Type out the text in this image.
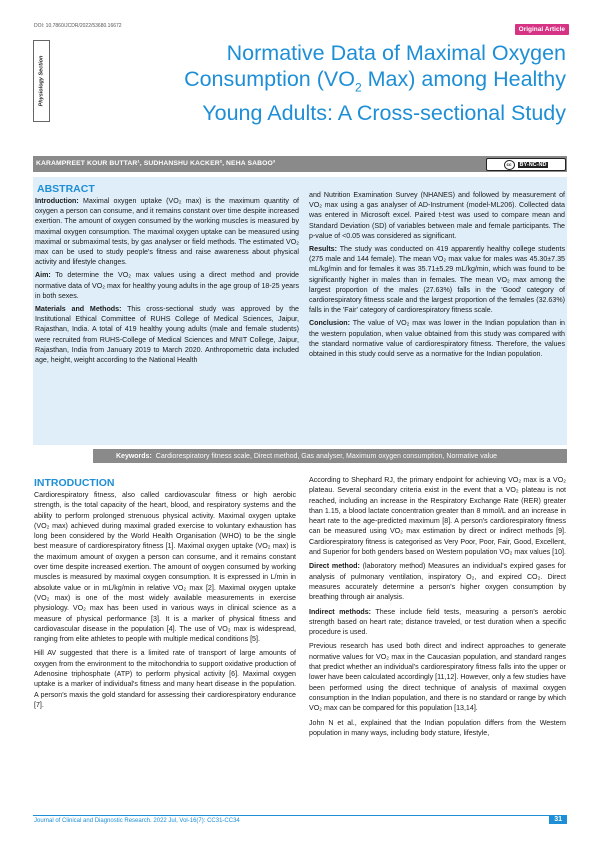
DOI: 10.7860/JCDR/2022/53680.16672	Original Article
Physiology Section
Normative Data of Maximal Oxygen
Consumption ($VO_2$ Max) among Healthy
Young Adults: A Cross-sectional Study
KARAMPREET KOUR BUTTAR¹, SUDHANSHU KACKER², NEHA SABOO³	cc	BY-NC-ND
ABSTRACT

Introduction: Maximal oxygen uptake (VO₂ max) is the maximum quantity of oxygen a person can consume, and it remains constant over time despite increased exertion. The amount of oxygen consumed by the working muscles is measured by maximal oxygen consumption. The maximal oxygen uptake can be measured using maximal or submaximal tests, by gas analyser or field methods. The estimated VO₂ max can be used to study people's fitness and raise awareness about physical activity and lifestyle changes.

Aim: To determine the VO₂ max values using a direct method and provide normative data of VO₂ max for healthy young adults in the age group of 18-25 years in both sexes.

Materials and Methods: This cross-sectional study was approved by the Institutional Ethical Committee of RUHS College of Medical Sciences, Jaipur, Rajasthan, India. A total of 419 healthy young adults (male and female students) were recruited from RUHS-College of Medical Sciences and MNIT College, Jaipur, Rajasthan, India from January 2019 to March 2020. Anthropometric data included age, height, weight according to the National Health

and Nutrition Examination Survey (NHANES) and followed by measurement of VO₂ max using a gas analyser of AD-Instrument (model-ML206). Collected data was entered in Microsoft excel. Paired t-test was used to compare mean and Standard Deviation (SD) of variables between male and female participants. The p-value of <0.05 was considered as significant.

Results: The study was conducted on 419 apparently healthy college students (275 male and 144 female). The mean VO₂ max value for males was 45.30±7.35 mL/kg/min and for females it was 35.71±5.29 mL/kg/min, which was found to be significantly higher in males than in females. The mean VO₂ max among the largest proportion of the males (27.63%) falls in the 'Good' category of cardiorespiratory fitness scale and the largest proportion of the females (32.63%) falls in the 'Fair' category of cardiorespiratory fitness scale.

Conclusion: The value of VO₂ max was lower in the Indian population than in the western population, when value obtained from this study was compared with the standard normative value of cardiorespiratory fitness. Therefore, the values obtained in this study could serve as a normative for the Indian population.

Keywords: Cardiorespiratory fitness scale, Direct method, Gas analyser, Maximum oxygen consumption, Normative value
INTRODUCTION

Cardiorespiratory fitness, also called cardiovascular fitness or high aerobic strength, is the total capacity of the heart, blood, and respiratory systems and the ability to perform prolonged strenuous physical activity. Maximal oxygen uptake (VO₂ max) achieved during maximal graded exercise to voluntary exhaustion has long been considered by the World Health Organisation (WHO) to be the single best measure of cardiorespiratory fitness [1]. Maximal oxygen uptake (VO₂ max) is the maximum amount of oxygen a person can consume, and it remains constant over time despite increased exertion. The amount of oxygen consumed by working muscles is measured by maximal oxygen consumption. It is expressed in L/min in absolute value or in mL/kg/min in relative VO₂ max [2]. Maximal oxygen uptake (VO₂ max) is one of the most widely available measurements in exercise physiology. VO₂ max has been used in various ways in clinical science as a measure of physical performance [3]. It is a marker of physical fitness and cardiovascular disease in the population [4]. The use of VO₂ max is widespread, ranging from elite athletes to people with multiple medical conditions [5].

Hill AV suggested that there is a limited rate of transport of large amounts of oxygen from the environment to the mitochondria to support oxidative production of Adenosine triphosphate (ATP) to perform physical activity [6]. Maximal oxygen uptake is a marker of individual's fitness and many heart disease in the population. A person's maxis the gold standard for assessing their cardiorespiratory endurance [7].

According to Shephard RJ, the primary endpoint for achieving VO₂ max is a VO₂ plateau. Several secondary criteria exist in the event that a VO₂ plateau is not reached, including an increase in the Respiratory Exchange Rate (RER) greater than 1.15, a blood lactate concentration greater than 8 mmol/L and an increase in heart rate to the age-predicted maximum [8]. A person's cardiorespiratory fitness can be measured using VO₂ max estimation by direct or indirect methods [9]. Cardiorespiratory fitness is categorised as Very Poor, Poor, Fair, Good, Excellent, and Superior for both genders based on Western population VO₂ max values [10].

Direct method: (laboratory method) Measures an individual's expired gases for analysis of pulmonary ventilation, inspiratory O₂, and expired CO₂. Direct measures accurately determine a person's higher oxygen consumption by breathing through air analysis.

Indirect methods: These include field tests, measuring a person's aerobic strength based on heart rate; distance traveled, or test duration when a specific procedure is used.

Previous research has used both direct and indirect approaches to generate normative values for VO₂ max in the Caucasian population, and standard ranges that predict whether an individual's cardiorespiratory fitness falls into the upper or lower have been calculated accordingly [11,12]. However, only a few studies have been performed using the direct technique of analysis of maximal oxygen consumption in the Indian population, and there is no standard or range by which VO₂ max can be compared for this population [13,14].

John N et al., explained that the Indian population differs from the Western population in many ways, including body stature, lifestyle,

Journal of Clinical and Diagnostic Research. 2022 Jul, Vol-16(7): CC31-CC34	31
